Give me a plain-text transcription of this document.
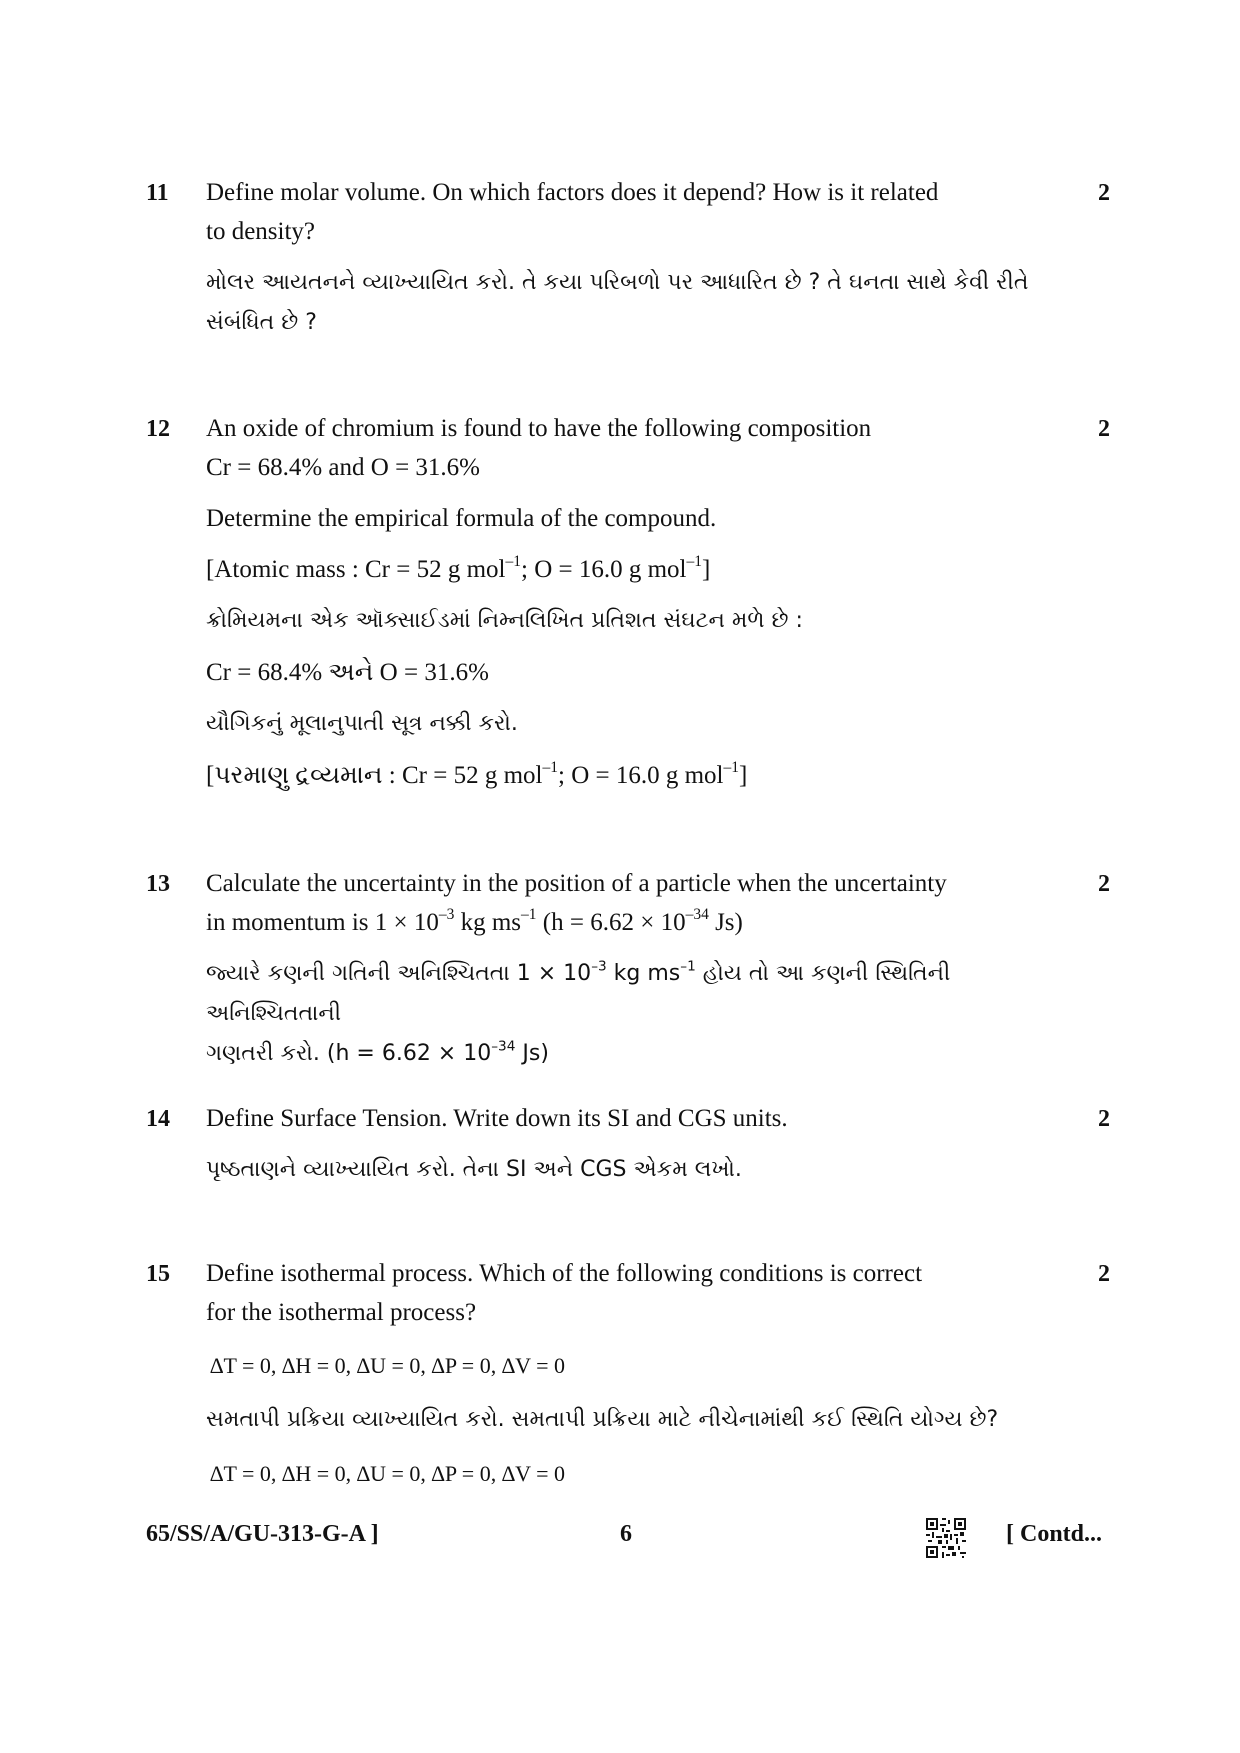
11 Define molar volume. On which factors does it depend? How is it related

to density?

મોલર આયતનને વ્યાખ્યાયિત કરો. તે કયા પરિબળો પર આધારિત છે ? તે ઘનતા સાથે કેવી રીતે

સંબંધિત છે ?

2
12 An oxide of chromium is found to have the following composition

Cr = 68.4% and O = 31.6%

Determine the empirical formula of the compound.

[Atomic mass : Cr = 52 g mol$^{-1}$; O = 16.0 g mol$^{-1}$]

ક્રોમિયમના એક ઑક્સાઈડમાં નિમ્નલિખિત પ્રતિશત સંઘટન મળે છે :

Cr = 68.4% અને O = 31.6%

યૌગિકનું મૂલાનુપાતી સૂત્ર નક્કી કરો.

[પરમાણુ દ્રવ્યમાન : Cr = 52 g mol$^{-1}$; O = 16.0 g mol$^{-1}$]

2
13 Calculate the uncertainty in the position of a particle when the uncertainty

in momentum is $1 \times 10^{-3}$ kg $ms^{-1}$ ($h = 6.62 \times 10^{-34}$ Js)

જ્યારે કણની ગતિની અનિશ્ચિતતા $1 \times 10^{-3}$ kg $ms^{-1}$ હોય તો આ કણની સ્થિતિની અનિશ્ચિતતાની

ગણતરી કરો. ($h = 6.62 \times 10^{-34}$ Js)

2
14 Define Surface Tension. Write down its SI and CGS units.

પૃષ્ઠતાણને વ્યાખ્યાયિત કરો. તેના SI અને CGS એકમ લખો.

2
15 Define isothermal process. Which of the following conditions is correct

for the isothermal process?

∆T = 0, ∆H = 0, ∆U = 0, ∆P = 0, ∆V = 0

સમતાપી પ્રક્રિયા વ્યાખ્યાયિત કરો. સમતાપી પ્રક્રિયા માટે નીચેનામાંથી કઈ સ્થિતિ યોગ્ય છે?

∆T = 0, ∆H = 0, ∆U = 0, ∆P = 0, ∆V = 0

2
65/SS/A/GU-313-G-A ]	6	[ Contd...
